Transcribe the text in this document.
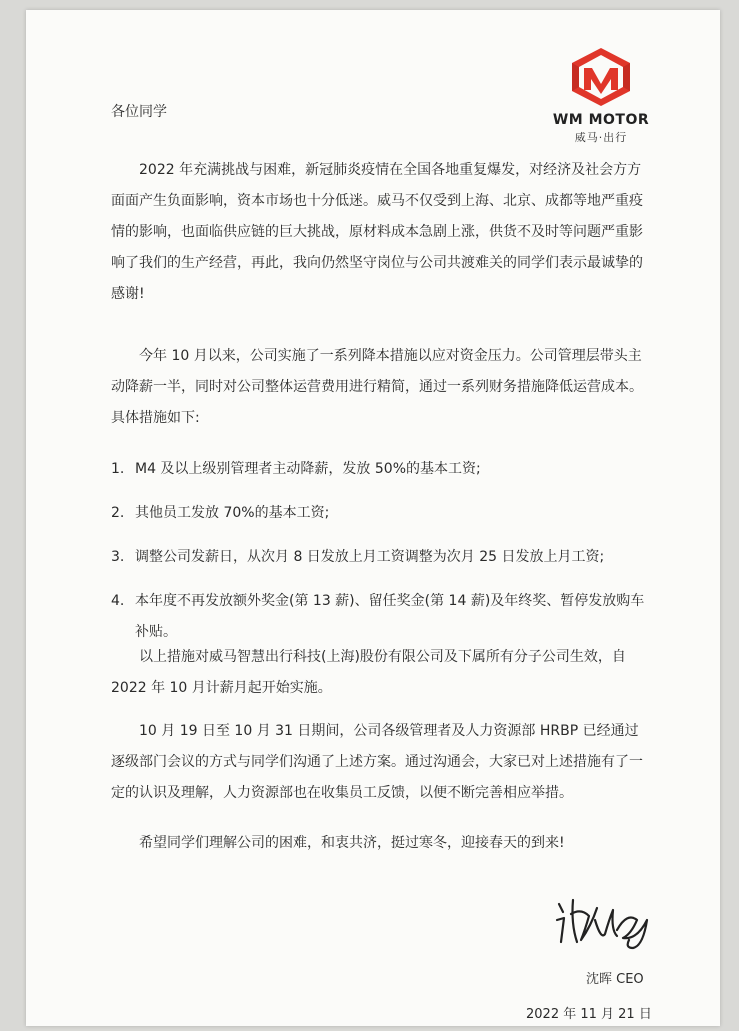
WM MOTOR
威马·出行
各位同学

2022 年充满挑战与困难，新冠肺炎疫情在全国各地重复爆发，对经济及社会方方面面产生负面影响，资本市场也十分低迷。威马不仅受到上海、北京、成都等地严重疫情的影响，也面临供应链的巨大挑战，原材料成本急剧上涨，供货不及时等问题严重影响了我们的生产经营，再此，我向仍然坚守岗位与公司共渡难关的同学们表示最诚挚的感谢!

今年 10 月以来，公司实施了一系列降本措施以应对资金压力。公司管理层带头主动降薪一半，同时对公司整体运营费用进行精简，通过一系列财务措施降低运营成本。具体措施如下:

1. M4 及以上级别管理者主动降薪，发放 50%的基本工资;
2. 其他员工发放 70%的基本工资;
3. 调整公司发薪日，从次月 8 日发放上月工资调整为次月 25 日发放上月工资;
4. 本年度不再发放额外奖金(第 13 薪)、留任奖金(第 14 薪)及年终奖、暂停发放购车补贴。

以上措施对威马智慧出行科技(上海)股份有限公司及下属所有分子公司生效，自 2022 年 10 月计薪月起开始实施。

10 月 19 日至 10 月 31 日期间，公司各级管理者及人力资源部 HRBP 已经通过逐级部门会议的方式与同学们沟通了上述方案。通过沟通会，大家已对上述措施有了一定的认识及理解，人力资源部也在收集员工反馈，以便不断完善相应举措。

希望同学们理解公司的困难，和衷共济，挺过寒冬，迎接春天的到来!

沈晖 CEO
2022 年 11 月 21 日
